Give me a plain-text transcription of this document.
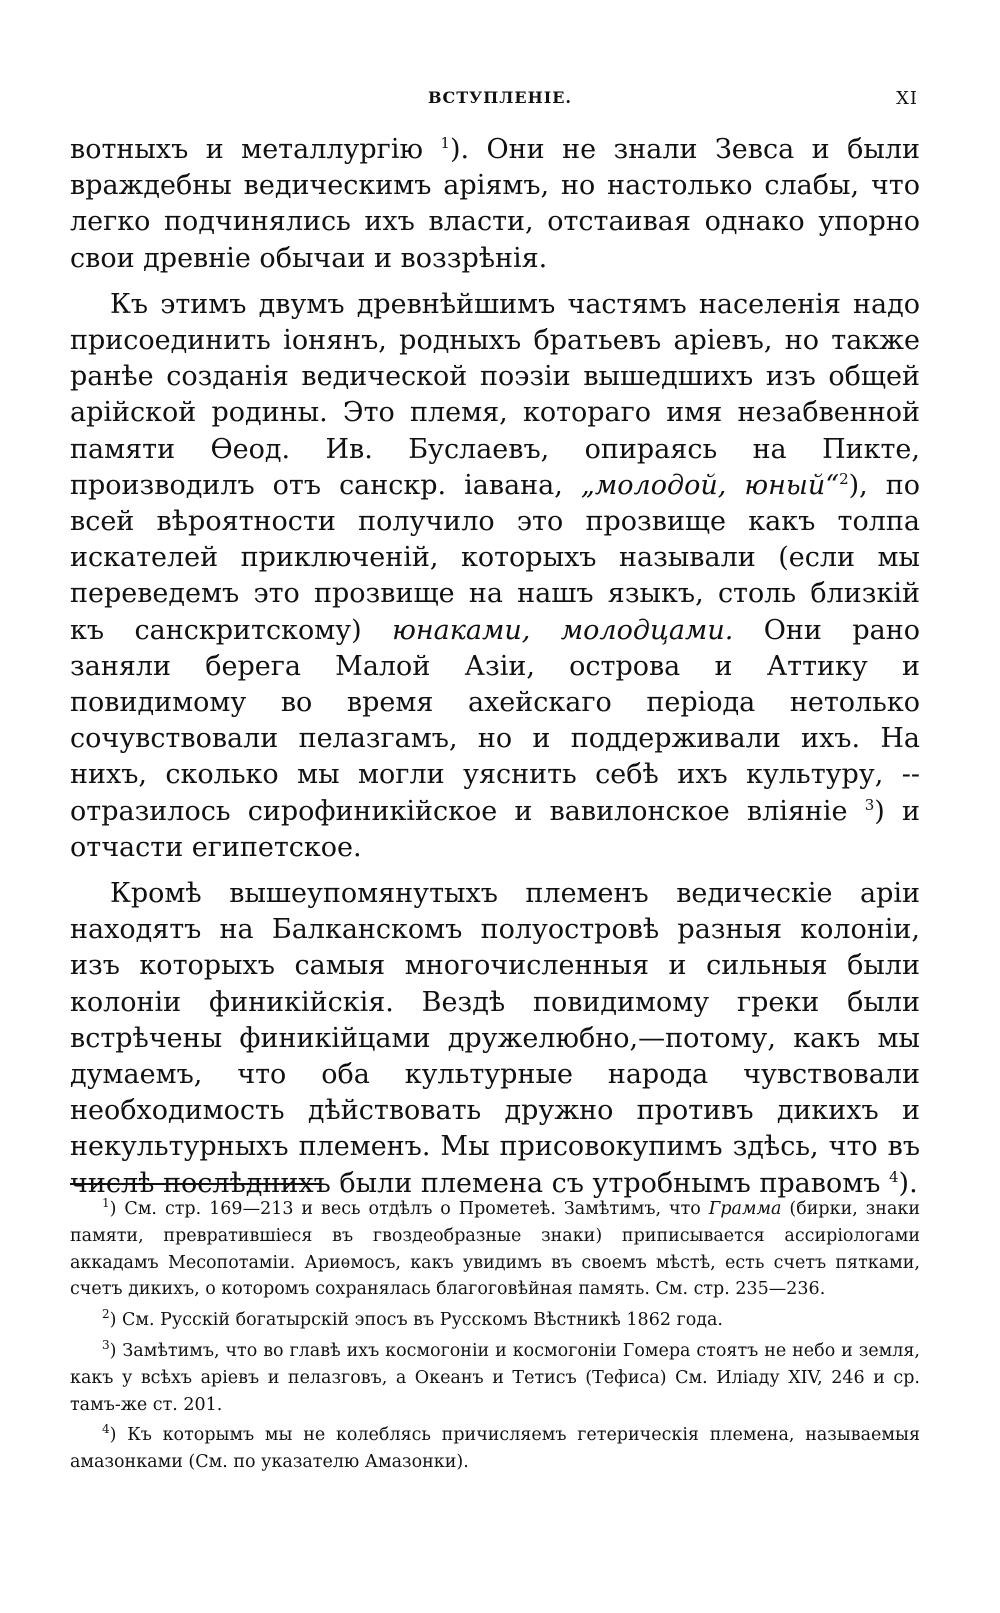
ВСТУПЛЕНІЕ.	XI

вотныхъ и металлургію $^1$). Они не знали Зевса и были враждебны ведическимъ аріямъ, но настолько слабы, что легко подчинялись ихъ власти, отстаивая однако упорно свои древніе обычаи и воззрѣнія.

Къ этимъ двумъ древнѣйшимъ частямъ населенія надо присоединить іонянъ, родныхъ братьевъ аріевъ, но также ранѣе созданія ведической поэзіи вышедшихъ изъ общей арійской родины. Это племя, котораго имя незабвенной памяти Ѳеод. Ив. Буслаевъ, опираясь на Пикте, производилъ отъ санскр. іавана, „молодой, юный“$^2$), по всей вѣроятности получило это прозвище какъ толпа искателей приключеній, которыхъ называли (если мы переведемъ это прозвище на нашъ языкъ, столь близкій къ санскритскому) юнаками, молодцами. Они рано заняли берега Малой Азіи, острова и Аттику и повидимому во время ахейскаго періода нетолько сочувствовали пелазгамъ, но и поддерживали ихъ. На нихъ, сколько мы могли уяснить себѣ ихъ культуру, -- отразилось сирофиникійское и вавилонское вліяніе $^3$) и отчасти египетское.

Кромѣ вышеупомянутыхъ племенъ ведическіе аріи находятъ на Балканскомъ полуостровѣ разныя колоніи, изъ которыхъ самыя многочисленныя и сильныя были колоніи финикійскія. Вездѣ повидимому греки были встрѣчены финикійцами дружелюбно,—потому, какъ мы думаемъ, что оба культурные народа чувствовали необходимость дѣйствовать дружно противъ дикихъ и некультурныхъ племенъ. Мы присовокупимъ здѣсь, что въ числѣ послѣднихъ были племена съ утробнымъ правомъ $^4$).

$^1$) См. стр. 169—213 и весь отдѣлъ о Прометеѣ. Замѣтимъ, что Грамма (бирки, знаки памяти, превратившіеся въ гвоздеобразные знаки) приписывается ассиріологами аккадамъ Месопотаміи. Ариѳмосъ, какъ увидимъ въ своемъ мѣстѣ, есть счетъ пятками, счетъ дикихъ, о которомъ сохранялась благоговѣйная память. См. стр. 235—236.

$^2$) См. Русскій богатырскій эпосъ въ Русскомъ Вѣстникѣ 1862 года.

$^3$) Замѣтимъ, что во главѣ ихъ космогоніи и космогоніи Гомера стоятъ не небо и земля, какъ у всѣхъ аріевъ и пелазговъ, а Океанъ и Тетисъ (Тефиса) См. Иліаду XIV, 246 и ср. тамъ-же ст. 201.

$^4$) Къ которымъ мы не колеблясь причисляемъ гетерическія племена, называемыя амазонками (См. по указателю Амазонки).
